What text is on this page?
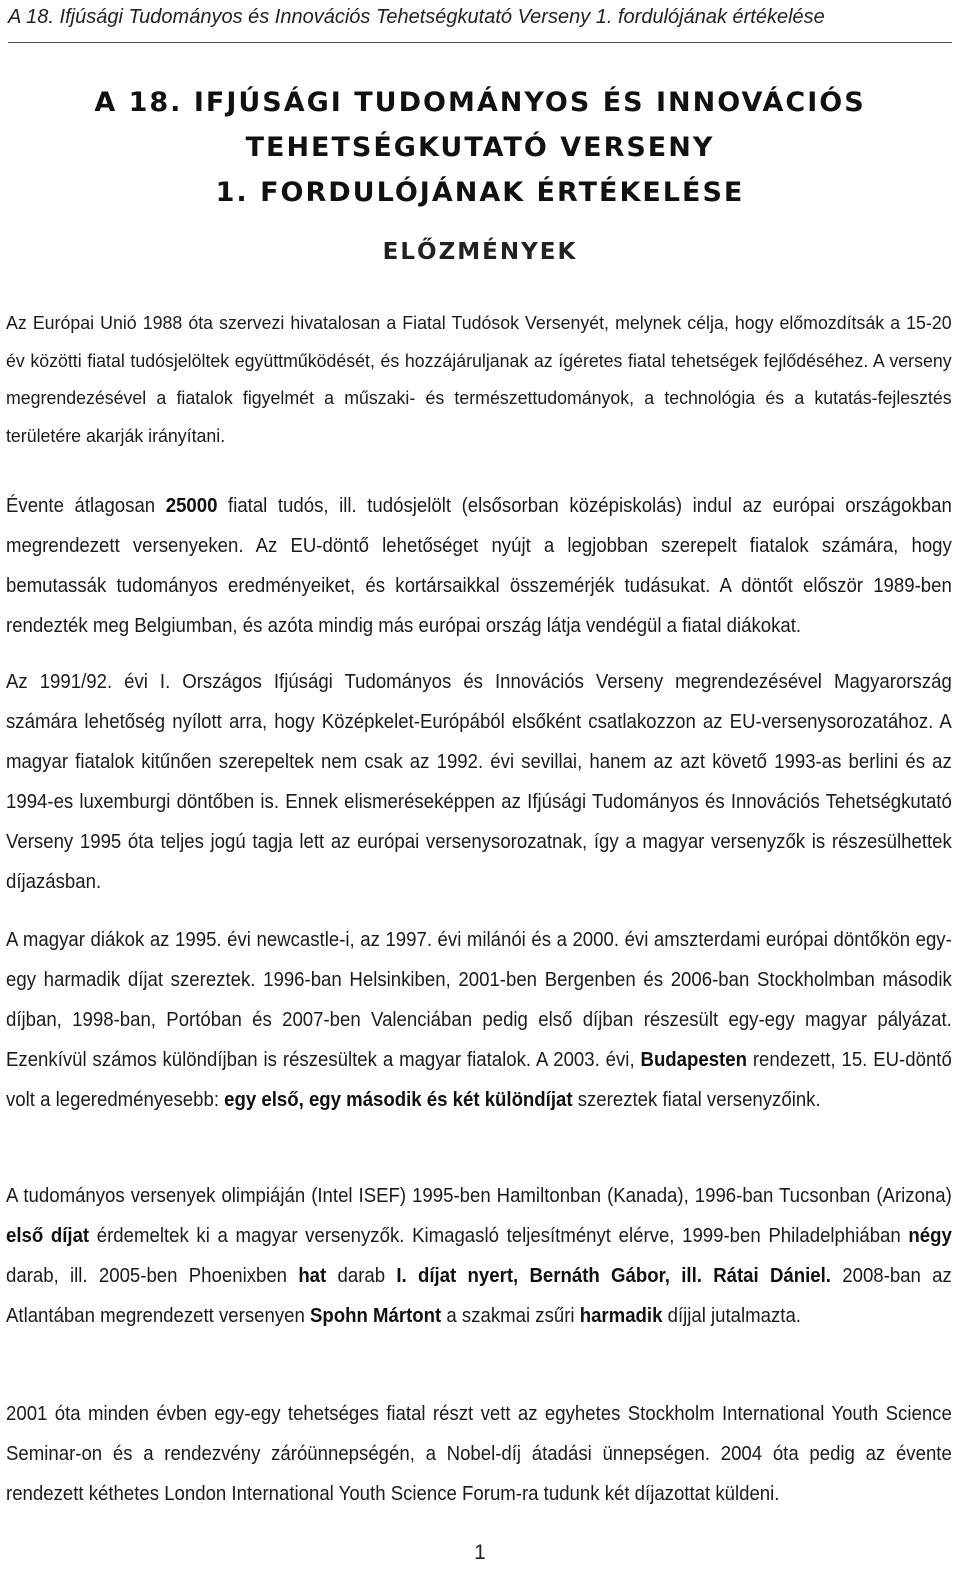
A 18. Ifjúsági Tudományos és Innovációs Tehetségkutató Verseny 1. fordulójának értékelése
A 18. IFJÚSÁGI TUDOMÁNYOS ÉS INNOVÁCIÓS
TEHETSÉGKUTATÓ VERSENY
1. FORDULÓJÁNAK ÉRTÉKELÉSE
ELŐZMÉNYEK

Az Európai Unió 1988 óta szervezi hivatalosan a Fiatal Tudósok Versenyét, melynek célja, hogy előmozdítsák a 15-20 év közötti fiatal tudósjelöltek együttműködését, és hozzájáruljanak az ígéretes fiatal tehetségek fejlődéséhez. A verseny megrendezésével a fiatalok figyelmét a műszaki- és természettudományok, a technológia és a kutatás-fejlesztés területére akarják irányítani.

Évente átlagosan 25000 fiatal tudós, ill. tudósjelölt (elsősorban középiskolás) indul az európai országokban megrendezett versenyeken. Az EU-döntő lehetőséget nyújt a legjobban szerepelt fiatalok számára, hogy bemutassák tudományos eredményeiket, és kortársaikkal összemérjék tudásukat. A döntőt először 1989-ben rendezték meg Belgiumban, és azóta mindig más európai ország látja vendégül a fiatal diákokat.

Az 1991/92. évi I. Országos Ifjúsági Tudományos és Innovációs Verseny megrendezésével Magyarország számára lehetőség nyílott arra, hogy Középkelet-Európából elsőként csatlakozzon az EU-versenysorozatához. A magyar fiatalok kitűnően szerepeltek nem csak az 1992. évi sevillai, hanem az azt követő 1993-as berlini és az 1994-es luxemburgi döntőben is. Ennek elismeréseképpen az Ifjúsági Tudományos és Innovációs Tehetségkutató Verseny 1995 óta teljes jogú tagja lett az európai versenysorozatnak, így a magyar versenyzők is részesülhettek díjazásban.

A magyar diákok az 1995. évi newcastle-i, az 1997. évi milánói és a 2000. évi amszterdami európai döntőkön egy-egy harmadik díjat szereztek. 1996-ban Helsinkiben, 2001-ben Bergenben és 2006-ban Stockholmban második díjban, 1998-ban, Portóban és 2007-ben Valenciában pedig első díjban részesült egy-egy magyar pályázat. Ezenkívül számos különdíjban is részesültek a magyar fiatalok. A 2003. évi, Budapesten rendezett, 15. EU-döntő volt a legeredményesebb: egy első, egy második és két különdíjat szereztek fiatal versenyzőink.

A tudományos versenyek olimpiáján (Intel ISEF) 1995-ben Hamiltonban (Kanada), 1996-ban Tucsonban (Arizona) első díjat érdemeltek ki a magyar versenyzők. Kimagasló teljesítményt elérve, 1999-ben Philadelphiában négy darab, ill. 2005-ben Phoenixben hat darab I. díjat nyert, Bernáth Gábor, ill. Rátai Dániel. 2008-ban az Atlantában megrendezett versenyen Spohn Mártont a szakmai zsűri harmadik díjjal jutalmazta.

2001 óta minden évben egy-egy tehetséges fiatal részt vett az egyhetes Stockholm International Youth Science Seminar-on és a rendezvény záróünnepségén, a Nobel-díj átadási ünnepségen. 2004 óta pedig az évente rendezett kéthetes London International Youth Science Forum-ra tudunk két díjazottat küldeni.

1
